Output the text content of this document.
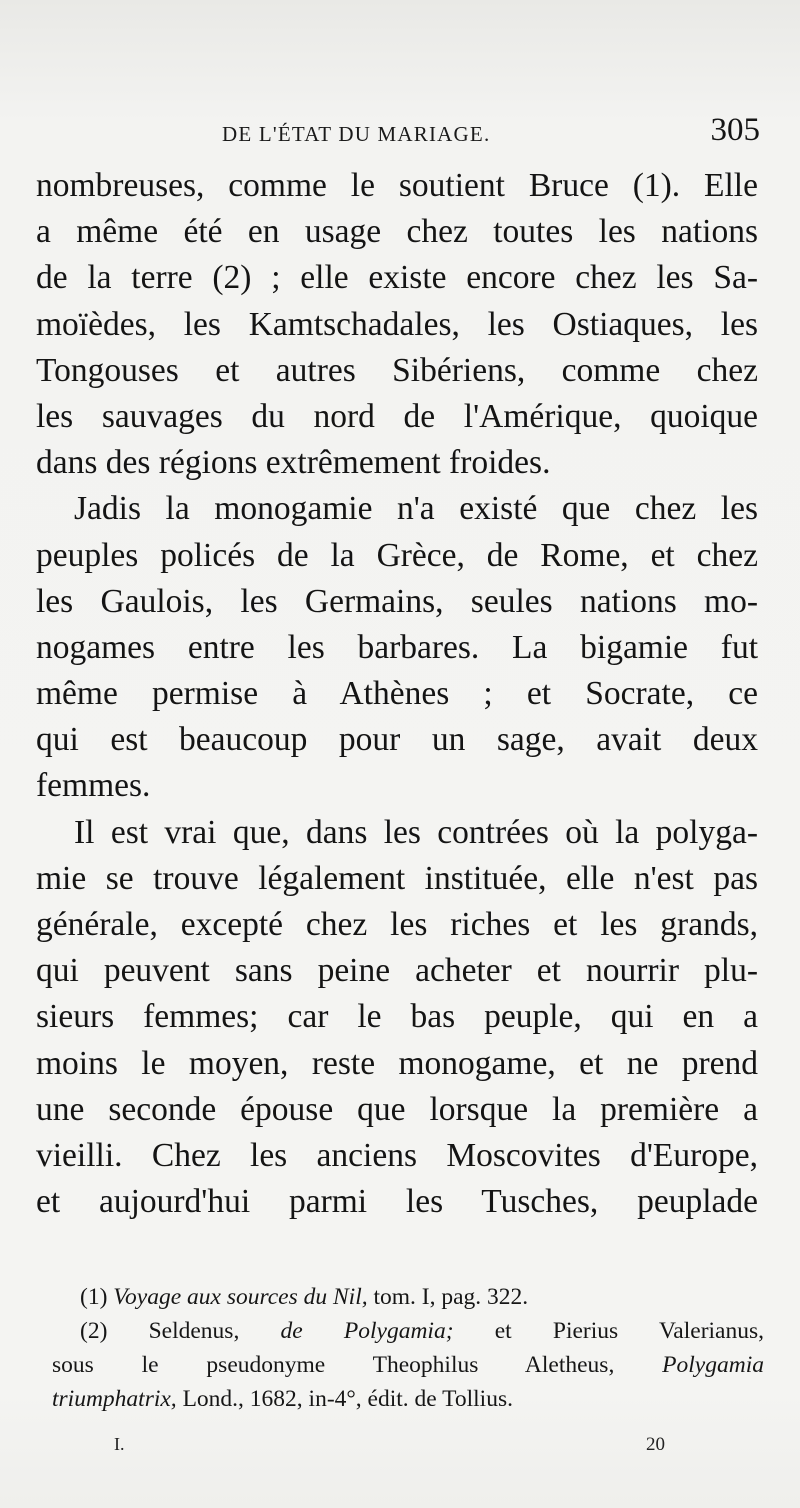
DE L'ÉTAT DU MARIAGE.	305
nombreuses, comme le soutient Bruce (1). Elle
a même été en usage chez toutes les nations
de la terre (2) ; elle existe encore chez les Sa-
moïèdes, les Kamtschadales, les Ostiaques, les
Tongouses et autres Sibériens, comme chez
les sauvages du nord de l'Amérique, quoique
dans des régions extrêmement froides.
Jadis la monogamie n'a existé que chez les
peuples policés de la Grèce, de Rome, et chez
les Gaulois, les Germains, seules nations mo-
nogames entre les barbares. La bigamie fut
même permise à Athènes ; et Socrate, ce
qui est beaucoup pour un sage, avait deux
femmes.
Il est vrai que, dans les contrées où la polyga-
mie se trouve légalement instituée, elle n'est pas
générale, excepté chez les riches et les grands,
qui peuvent sans peine acheter et nourrir plu-
sieurs femmes; car le bas peuple, qui en a
moins le moyen, reste monogame, et ne prend
une seconde épouse que lorsque la première a
vieilli. Chez les anciens Moscovites d'Europe,
et aujourd'hui parmi les Tusches, peuplade
(1) Voyage aux sources du Nil, tom. I, pag. 322.
(2) Seldenus, de Polygamia; et Pierius Valerianus,
sous le pseudonyme Theophilus Aletheus, Polygamia
triumphatrix, Lond., 1682, in-4°, édit. de Tollius.
I.	20
